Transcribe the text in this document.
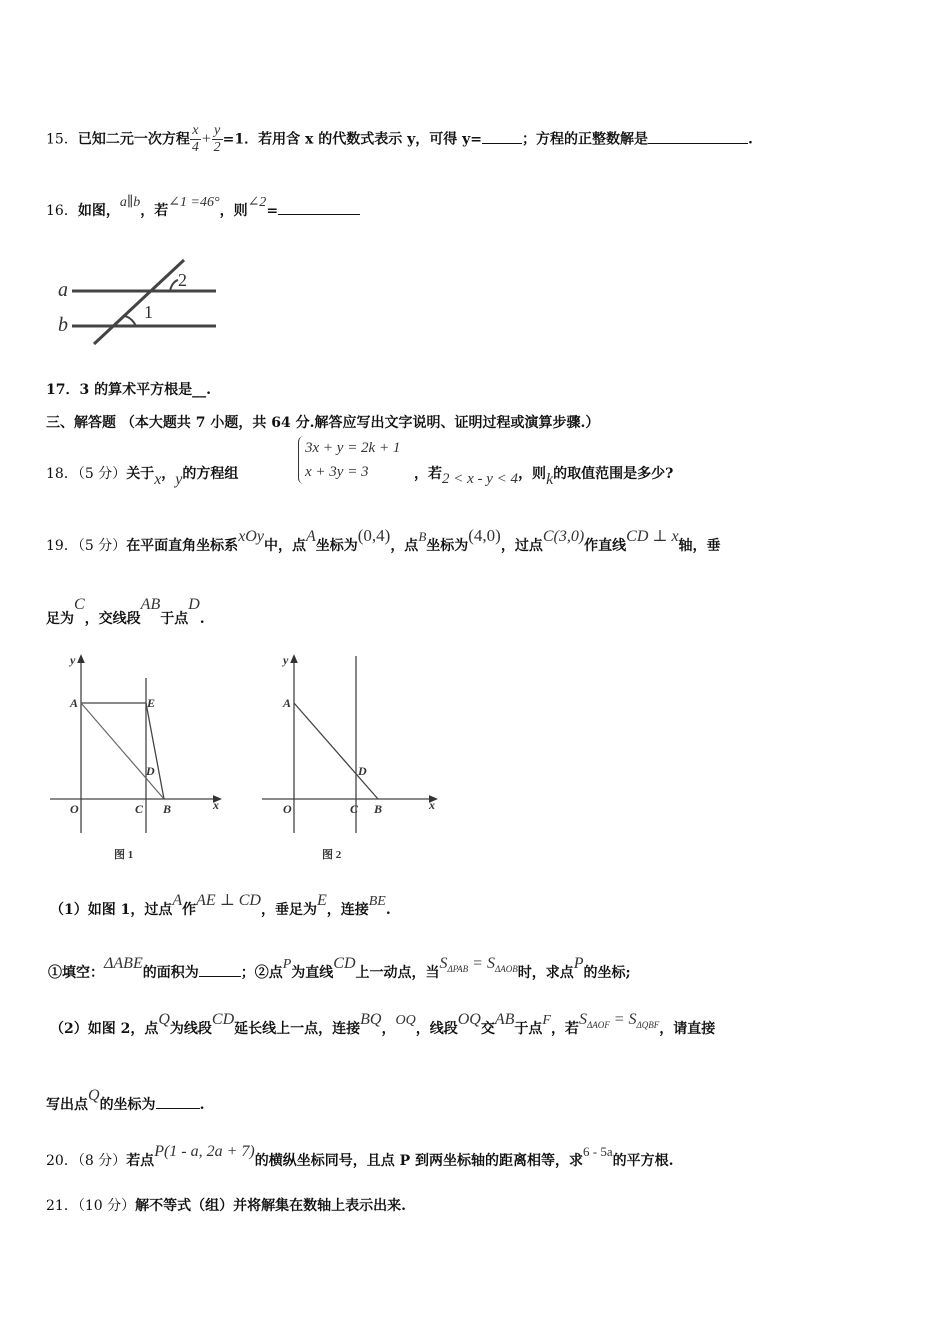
15．已知二元一次方程 $\frac{x}{4} + \frac{y}{2} =1$．若用含 x 的代数式表示 y，可得 y=	；方程的正整数解是	.
16．如图，a∥b，若∠1 =46°，则∠2=
a
b
1
2
17．3 的算术平方根是__.
三、解答题 （本大题共 7 小题，共 64 分.解答应写出文字说明、证明过程或演算步骤.）
18．（5 分）关于x，y的方程组
3x + y = 2k + 1
x + 3y = 3	，若2 < x - y < 4，则k的取值范围是多少?
19．（5 分）在平面直角坐标系xOy中，点A坐标为(0,4)，点B坐标为(4,0)，过点C(3,0)作直线CD ⊥ x轴，垂
足为C，交线段AB于点D.
y
x
A	E
D
O	C B
图 1
y
x
A
D
O	C B
图 2
（1）如图 1，过点A作AE ⊥ CD，垂足为E，连接BE.
①填空：ΔABE的面积为	；②点P为直线CD上一动点，当$S_{\Delta PAB} = S_{\Delta AOB}$时，求点P的坐标;
（2）如图 2，点Q为线段CD延长线上一点，连接BQ，OQ，线段OQ交AB于点F，若$S_{\Delta AOF} = S_{\Delta QBF}$，请直接
写出点Q的坐标为	.
20．（8 分）若点P(1 - a, 2a + 7)的横纵坐标同号，且点 P 到两坐标轴的距离相等，求6 - 5a的平方根.
21．（10 分）解不等式（组）并将解集在数轴上表示出来.
